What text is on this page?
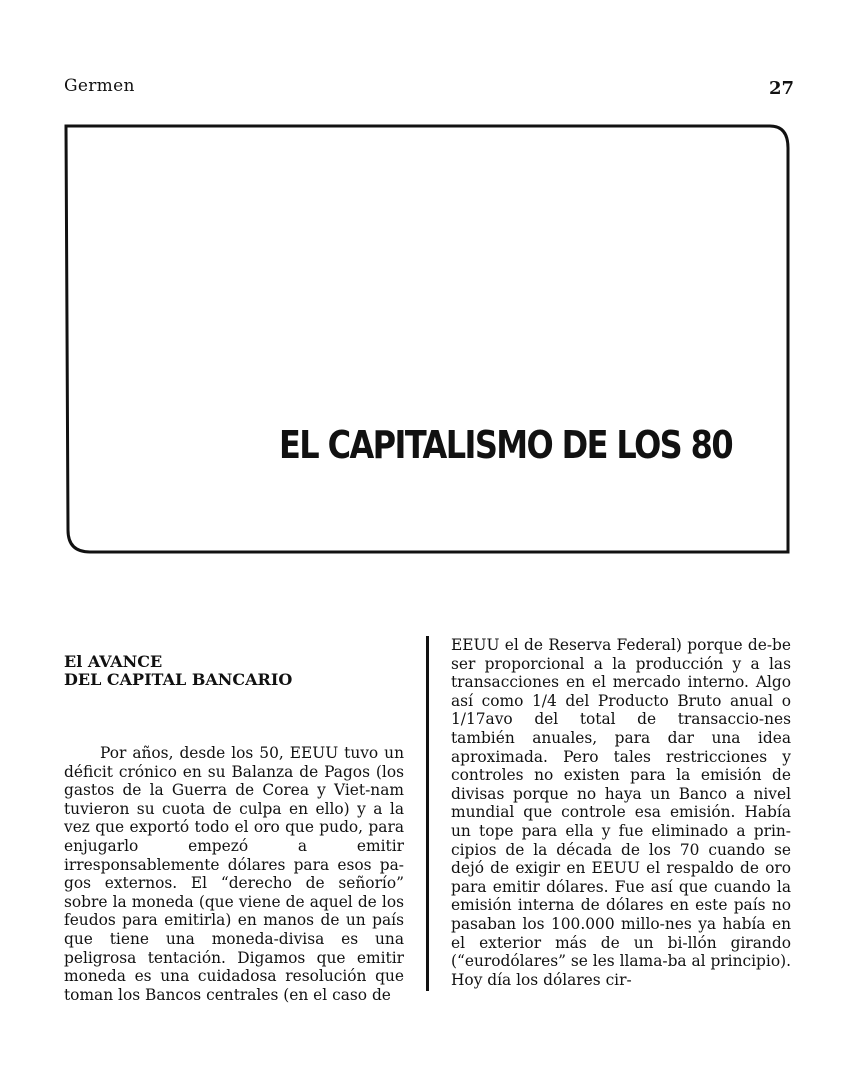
Germen	27
EL CAPITALISMO DE LOS 80
El AVANCE
DEL CAPITAL BANCARIO

Por años, desde los 50, EEUU tuvo un déficit crónico en su Balanza de Pagos (los gastos de la Guerra de Corea y Viet-nam tuvieron su cuota de culpa en ello) y a la vez que exportó todo el oro que pudo, para enjugarlo empezó a emitir irresponsablemente dólares para esos pa-gos externos. El “derecho de señorío” sobre la moneda (que viene de aquel de los feudos para emitirla) en manos de un país que tiene una moneda-divisa es una peligrosa tentación. Digamos que emitir moneda es una cuidadosa resolución que toman los Bancos centrales (en el caso de

EEUU el de Reserva Federal) porque de-be ser proporcional a la producción y a las transacciones en el mercado interno. Algo así como 1/4 del Producto Bruto anual o 1/17avo del total de transaccio-nes también anuales, para dar una idea aproximada. Pero tales restricciones y controles no existen para la emisión de divisas porque no haya un Banco a nivel mundial que controle esa emisión. Había un tope para ella y fue eliminado a prin-cipios de la década de los 70 cuando se dejó de exigir en EEUU el respaldo de oro para emitir dólares. Fue así que cuando la emisión interna de dólares en este país no pasaban los 100.000 millo-nes ya había en el exterior más de un bi-llón girando (“eurodólares” se les llama-ba al principio). Hoy día los dólares cir-
